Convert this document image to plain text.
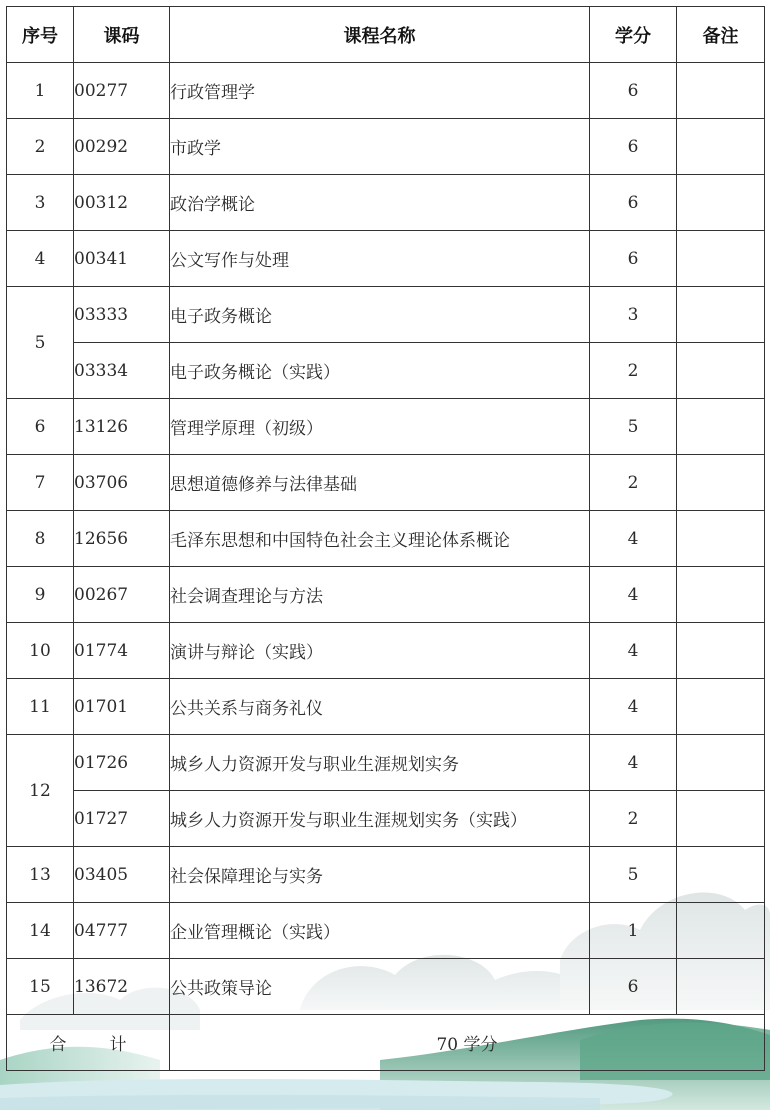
序号	课码	课程名称	学分	备注
1	00277	行政管理学	6	
2	00292	市政学	6	
3	00312	政治学概论	6	
4	00341	公文写作与处理	6	
5	03333	电子政务概论	3	
	03334	电子政务概论（实践）	2	
6	13126	管理学原理（初级）	5	
7	03706	思想道德修养与法律基础	2	
8	12656	毛泽东思想和中国特色社会主义理论体系概论	4	
9	00267	社会调查理论与方法	4	
10	01774	演讲与辩论（实践）	4	
11	01701	公共关系与商务礼仪	4	
12	01726	城乡人力资源开发与职业生涯规划实务	4	
	01727	城乡人力资源开发与职业生涯规划实务（实践）	2	
13	03405	社会保障理论与实务	5	
14	04777	企业管理概论（实践）	1	
15	13672	公共政策导论	6	
合 计		70 学分		
